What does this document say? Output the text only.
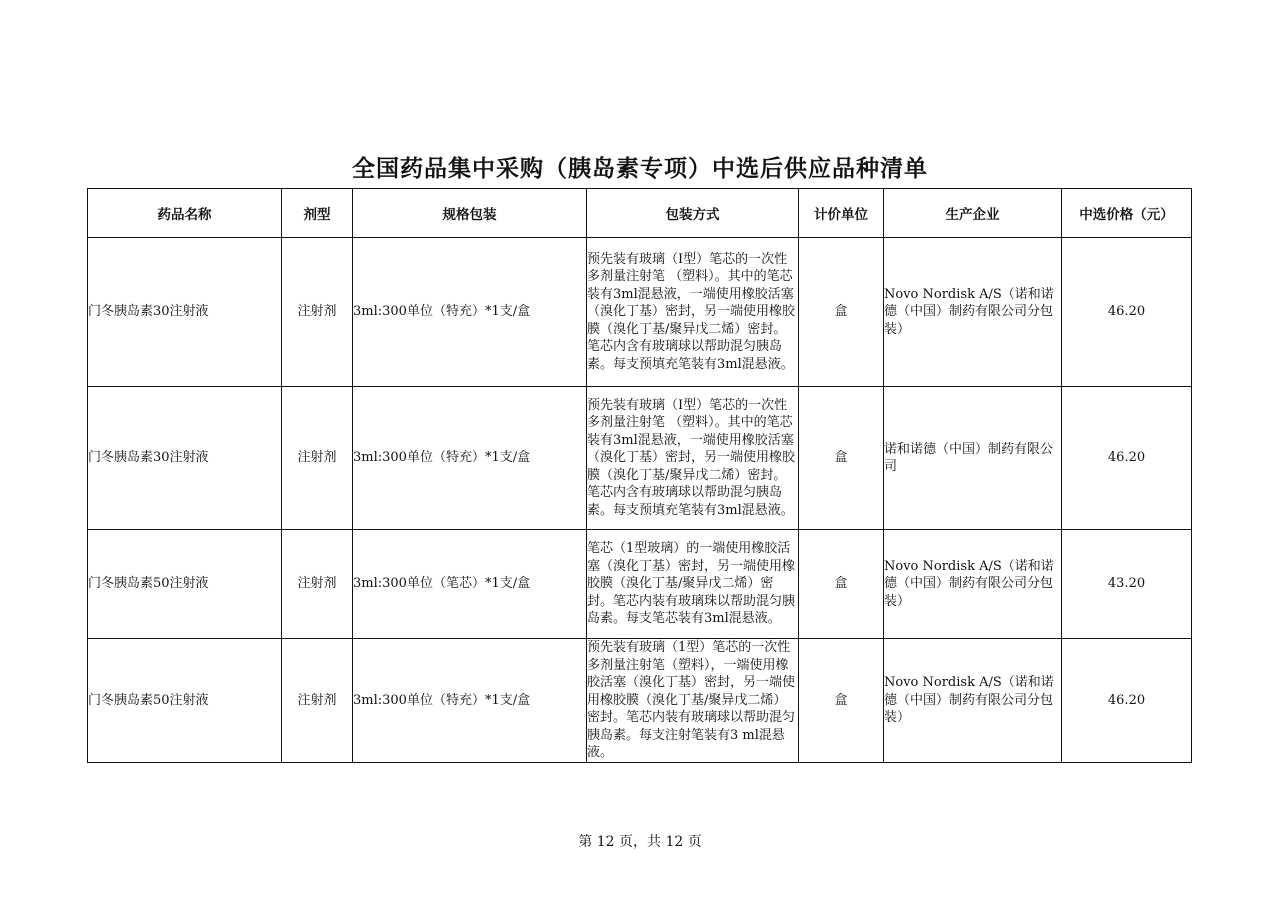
全国药品集中采购（胰岛素专项）中选后供应品种清单
药品名称	剂型	规格包装	包装方式	计价单位	生产企业	中选价格（元）
门冬胰岛素30注射液	注射剂	3ml:300单位（特充）*1支/盒	预先装有玻璃（Ⅰ型）笔芯的一次性多剂量注射笔 （塑料）。其中的笔芯装有3ml混悬液，一端使用橡胶活塞（溴化丁基）密封，另一端使用橡胶膜（溴化丁基/聚异戊二烯）密封。笔芯内含有玻璃球以帮助混匀胰岛素。每支预填充笔装有3ml混悬液。	盒	Novo Nordisk A/S（诺和诺德（中国）制药有限公司分包装）	46.20
门冬胰岛素30注射液	注射剂	3ml:300单位（特充）*1支/盒	预先装有玻璃（Ⅰ型）笔芯的一次性多剂量注射笔 （塑料）。其中的笔芯装有3ml混悬液，一端使用橡胶活塞（溴化丁基）密封，另一端使用橡胶膜（溴化丁基/聚异戊二烯）密封。笔芯内含有玻璃球以帮助混匀胰岛素。每支预填充笔装有3ml混悬液。	盒	诺和诺德（中国）制药有限公司	46.20
门冬胰岛素50注射液	注射剂	3ml:300单位（笔芯）*1支/盒	笔芯（1型玻璃）的一端使用橡胶活塞（溴化丁基）密封，另一端使用橡胶膜（溴化丁基/聚异戊二烯）密封。笔芯内装有玻璃珠以帮助混匀胰岛素。每支笔芯装有3ml混悬液。	盒	Novo Nordisk A/S（诺和诺德（中国）制药有限公司分包装）	43.20
门冬胰岛素50注射液	注射剂	3ml:300单位（特充）*1支/盒	预先装有玻璃（1型）笔芯的一次性多剂量注射笔（塑料），一端使用橡胶活塞（溴化丁基）密封，另一端使用橡胶膜（溴化丁基/聚异戊二烯）密封。笔芯内装有玻璃球以帮助混匀胰岛素。每支注射笔装有3 ml混悬液。	盒	Novo Nordisk A/S（诺和诺德（中国）制药有限公司分包装）	46.20
第 12 页，共 12 页
